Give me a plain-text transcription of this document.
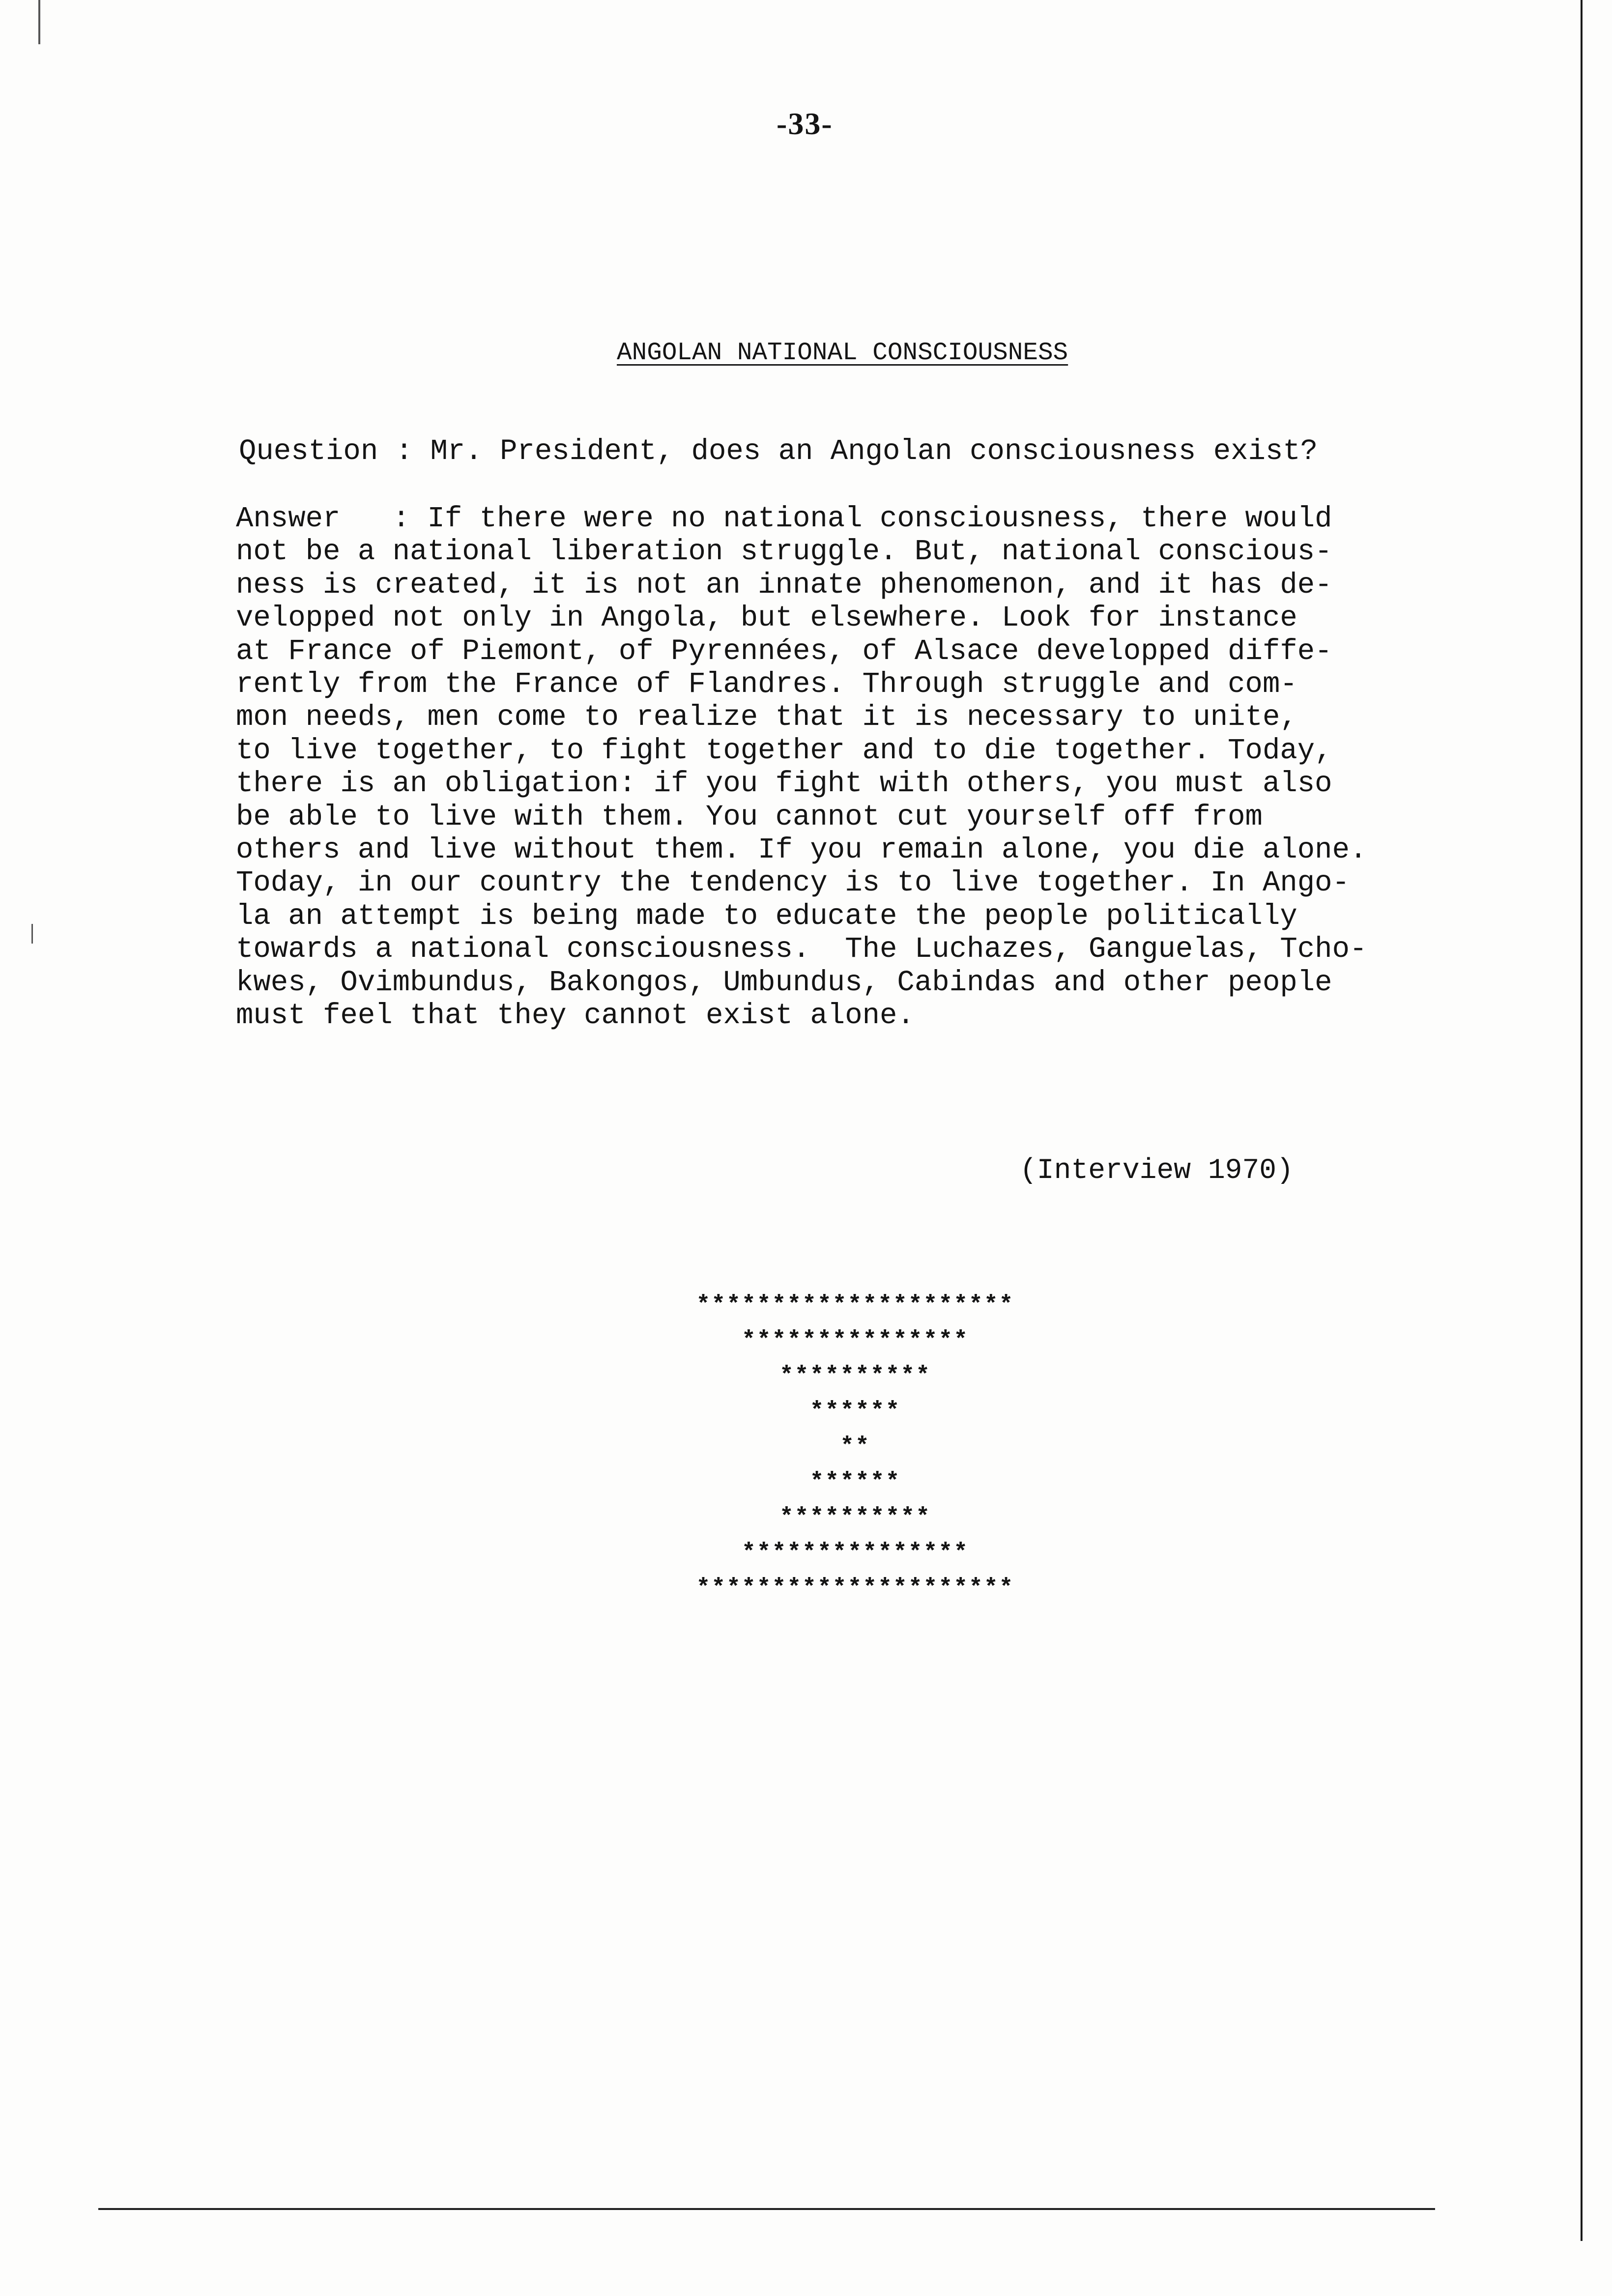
-33-
ANGOLAN NATIONAL CONSCIOUSNESS
Question : Mr. President, does an Angolan consciousness exist?
Answer   : If there were no national consciousness, there would
not be a national liberation struggle. But, national conscious-
ness is created, it is not an innate phenomenon, and it has de-
velopped not only in Angola, but elsewhere. Look for instance
at France of Piemont, of Pyrennées, of Alsace developped diffe-
rently from the France of Flandres. Through struggle and com-
mon needs, men come to realize that it is necessary to unite,
to live together, to fight together and to die together. Today,
there is an obligation: if you fight with others, you must also
be able to live with them. You cannot cut yourself off from
others and live without them. If you remain alone, you die alone.
Today, in our country the tendency is to live together. In Ango-
la an attempt is being made to educate the people politically
towards a national consciousness.  The Luchazes, Ganguelas, Tcho-
kwes, Ovimbundus, Bakongos, Umbundus, Cabindas and other people
must feel that they cannot exist alone.
(Interview 1970)
*********************
***************
**********
******
**
******
**********
***************
*********************
